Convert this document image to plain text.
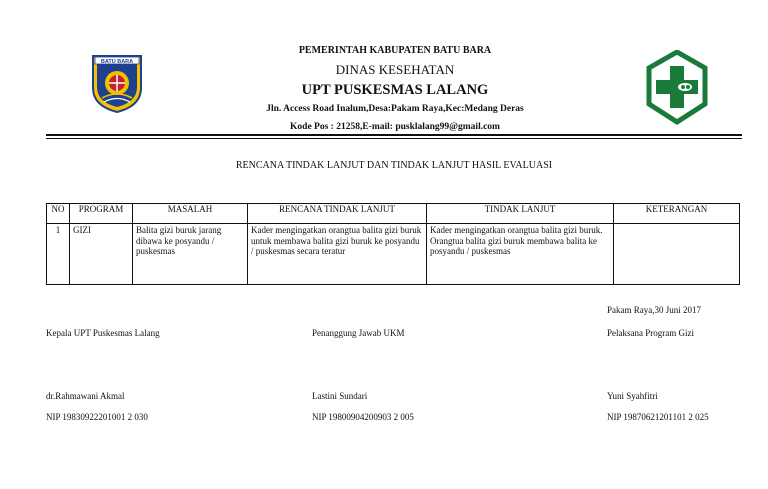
BATU BARA
PEMERINTAH KABUPATEN BATU BARA
DINAS KESEHATAN
UPT PUSKESMAS LALANG
Jln. Access Road Inalum,Desa:Pakam Raya,Kec:Medang Deras
Kode Pos : 21258,E-mail: pusklalang99@gmail.com
RENCANA TINDAK LANJUT DAN TINDAK LANJUT HASIL EVALUASI
NO	PROGRAM	MASALAH	RENCANA TINDAK LANJUT	TINDAK LANJUT	KETERANGAN
1	GIZI	Balita gizi buruk jarang dibawa ke posyandu / puskesmas	Kader mengingatkan orangtua balita gizi buruk untuk membawa balita gizi buruk ke posyandu / puskesmas secara teratur	Kader mengingatkan orangtua balita gizi buruk.
Orangtua balita gizi buruk membawa balita ke posyandu / puskesmas	

Pakam Raya,30 Juni 2017
Kepala UPT Puskesmas Lalang	Penanggung Jawab UKM	Pelaksana Program Gizi
dr.Rahmawani Akmal	Lastini Sundari	Yuni Syahfitri
NIP 19830922201001 2 030	NIP 19800904200903 2 005	NIP 19870621201101 2 025
